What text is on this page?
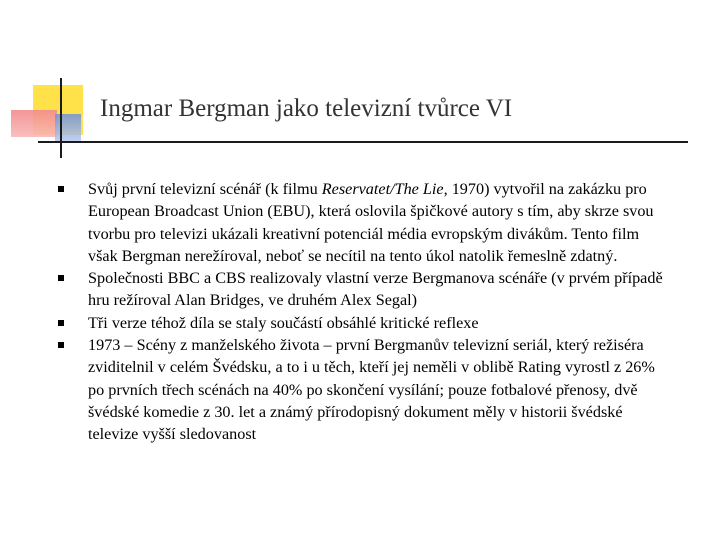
Ingmar Bergman jako televizní tvůrce VI
Svůj první televizní scénář (k filmu Reservatet/The Lie, 1970) vytvořil na zakázku pro European Broadcast Union (EBU), která oslovila špičkové autory s tím, aby skrze svou tvorbu pro televizi ukázali kreativní potenciál média evropským divákům. Tento film však Bergman nerežíroval, neboť se necítil na tento úkol natolik řemeslně zdatný.
Společnosti BBC a CBS realizovaly vlastní verze Bergmanova scénáře (v prvém případě hru režíroval Alan Bridges, ve druhém Alex Segal)
Tři verze téhož díla se staly součástí obsáhlé kritické reflexe
1973 – Scény z manželského života – první Bergmanův televizní seriál, který režiséra zviditelnil v celém Švédsku, a to i u těch, kteří jej neměli v oblibě Rating vyrostl z 26% po prvních třech scénách na 40% po skončení vysílání; pouze fotbalové přenosy, dvě švédské komedie z 30. let a známý přírodopisný dokument měly v historii švédské televize vyšší sledovanost
